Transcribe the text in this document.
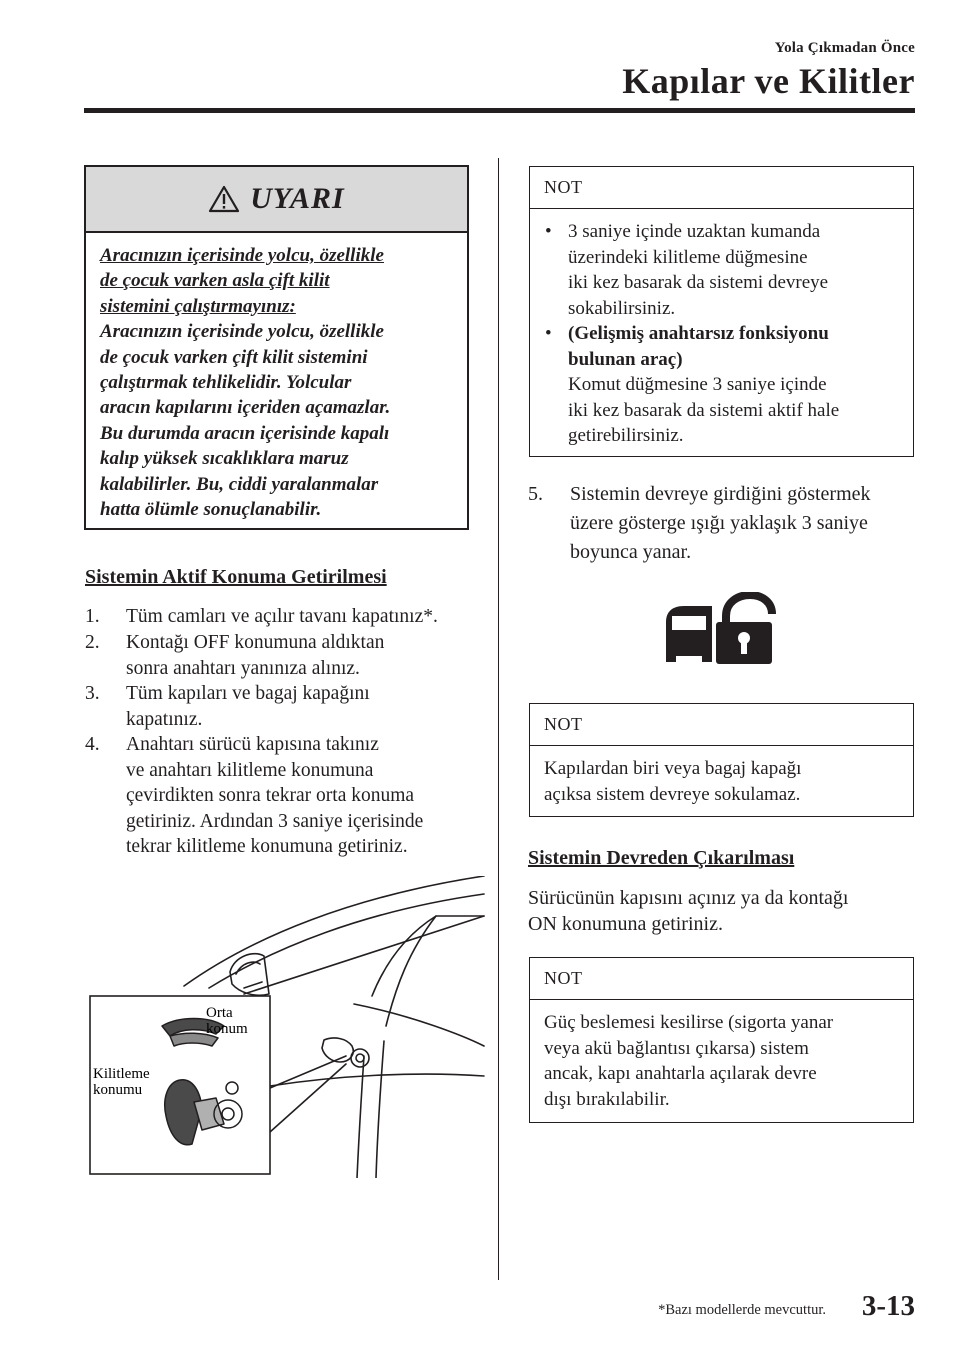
Yola Çıkmadan Önce
Kapılar ve Kilitler
UYARI
Aracınızın içerisinde yolcu, özellikle
de çocuk varken asla çift kilit
sistemini çalıştırmayınız:
Aracınızın içerisinde yolcu, özellikle
de çocuk varken çift kilit sistemini
çalıştırmak tehlikelidir. Yolcular
aracın kapılarını içeriden açamazlar.
Bu durumda aracın içerisinde kapalı
kalıp yüksek sıcaklıklara maruz
kalabilirler. Bu, ciddi yaralanmalar
hatta ölümle sonuçlanabilir.
Sistemin Aktif Konuma Getirilmesi
1. Tüm camları ve açılır tavanı kapatınız*.
2. Kontağı OFF konumuna aldıktan
sonra anahtarı yanınıza alınız.
3. Tüm kapıları ve bagaj kapağını
kapatınız.
4. Anahtarı sürücü kapısına takınız
ve anahtarı kilitleme konumuna
çevirdikten sonra tekrar orta konuma
getiriniz. Ardından 3 saniye içerisinde
tekrar kilitleme konumuna getiriniz.
Orta
konum
Kilitleme
konumu
NOT
• 3 saniye içinde uzaktan kumanda
üzerindeki kilitleme düğmesine
iki kez basarak da sistemi devreye
sokabilirsiniz.
• (Gelişmiş anahtarsız fonksiyonu
bulunan araç)
Komut düğmesine 3 saniye içinde
iki kez basarak da sistemi aktif hale
getirebilirsiniz.
5. Sistemin devreye girdiğini göstermek
üzere gösterge ışığı yaklaşık 3 saniye
boyunca yanar.
NOT
Kapılardan biri veya bagaj kapağı
açıksa sistem devreye sokulamaz.
Sistemin Devreden Çıkarılması
Sürücünün kapısını açınız ya da kontağı
ON konumuna getiriniz.
NOT
Güç beslemesi kesilirse (sigorta yanar
veya akü bağlantısı çıkarsa) sistem
ancak, kapı anahtarla açılarak devre
dışı bırakılabilir.
*Bazı modellerde mevcuttur. 3-13
